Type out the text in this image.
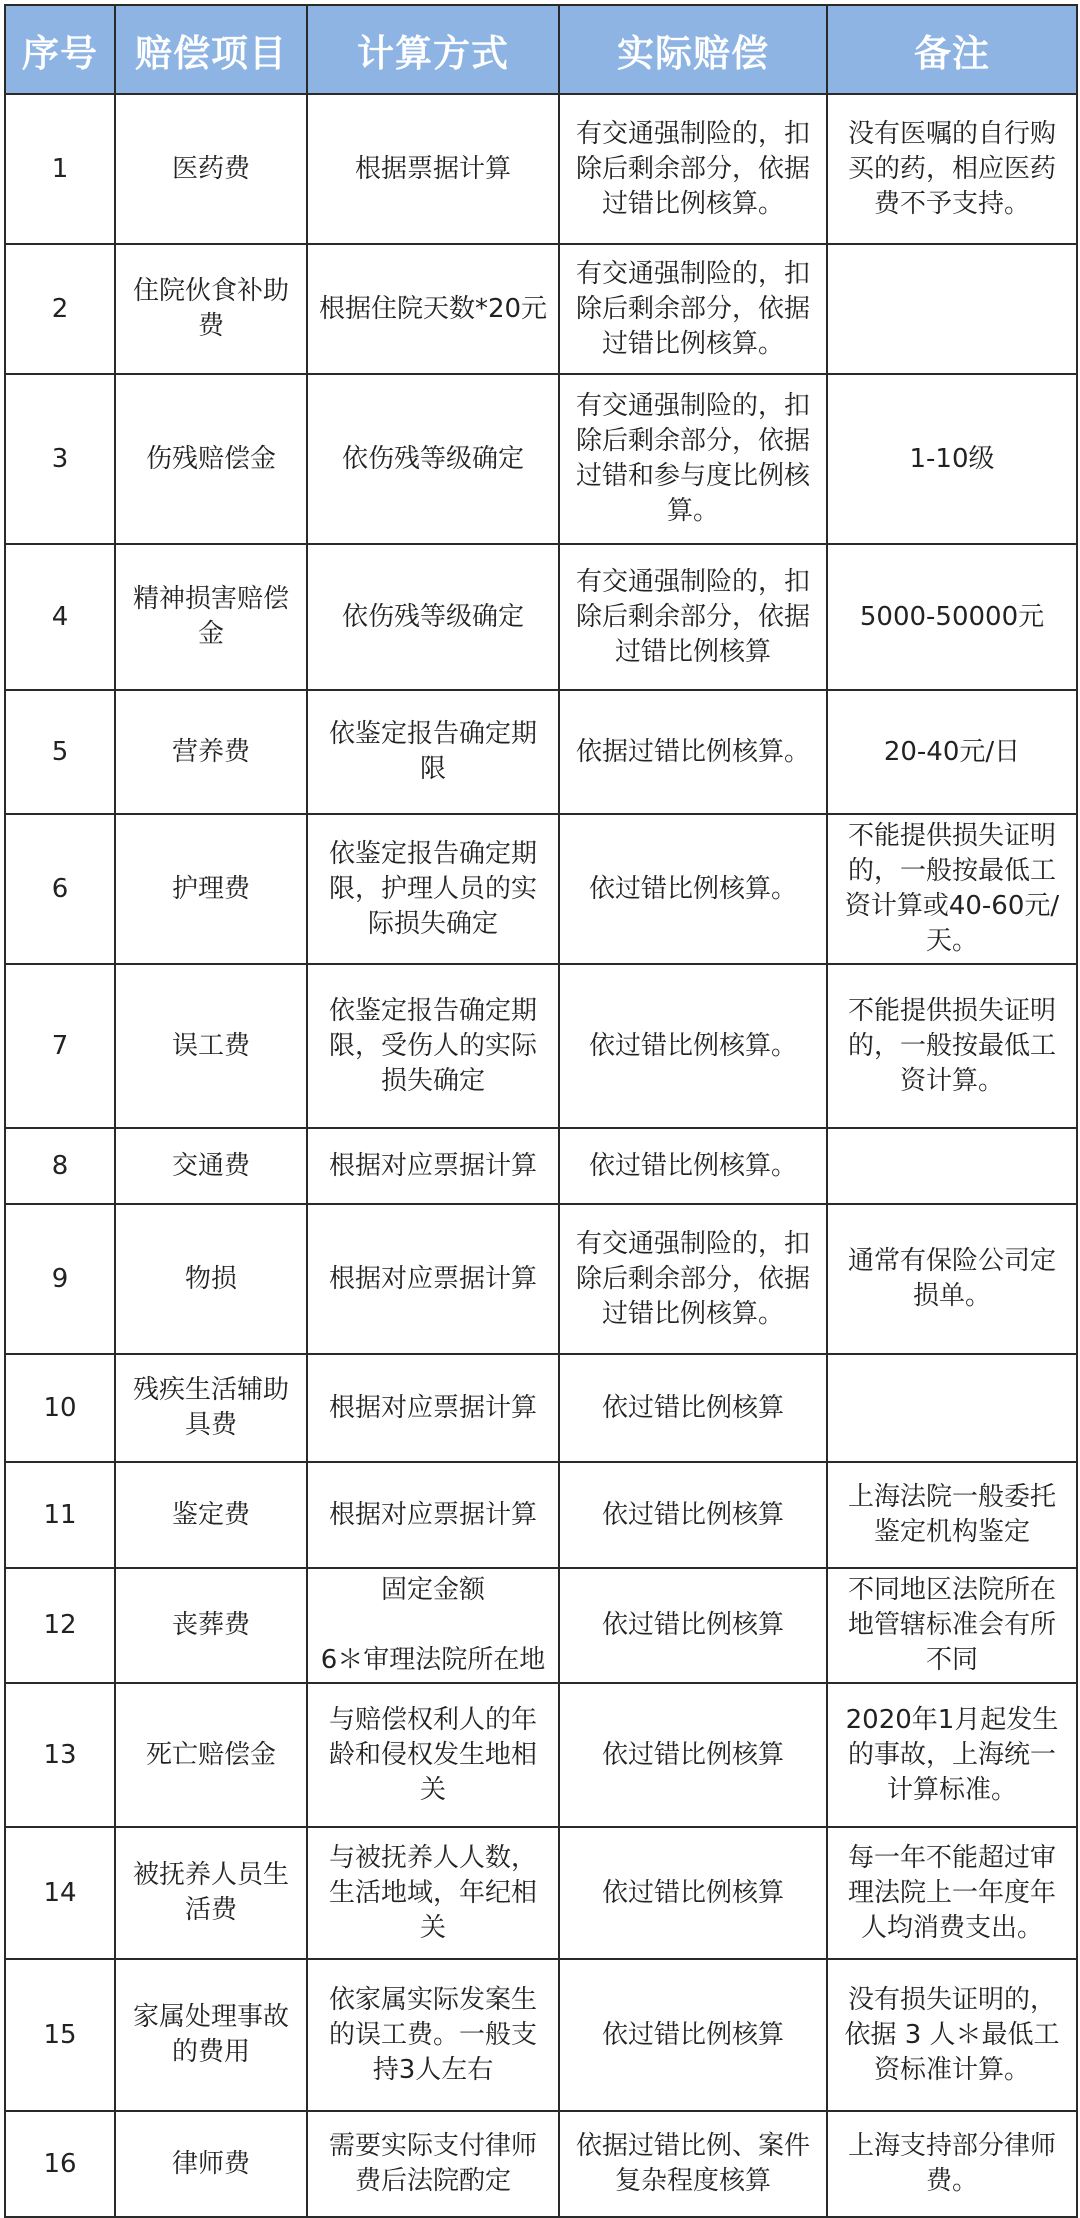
序号	赔偿项目	计算方式	实际赔偿	备注

1	医药费	根据票据计算	有交通强制险的，扣
除后剩余部分，依据
过错比例核算。	没有医嘱的自行购
买的药，相应医药
费不予支持。

2	住院伙食补助
费	根据住院天数*20元	有交通强制险的，扣
除后剩余部分，依据
过错比例核算。	

3	伤残赔偿金	依伤残等级确定	有交通强制险的，扣
除后剩余部分，依据
过错和参与度比例核
算。	1-10级

4	精神损害赔偿
金	依伤残等级确定	有交通强制险的，扣
除后剩余部分，依据
过错比例核算	5000-50000元

5	营养费	依鉴定报告确定期
限	依据过错比例核算。	20-40元/日

6	护理费	依鉴定报告确定期
限，护理人员的实
际损失确定	依过错比例核算。	不能提供损失证明
的，一般按最低工
资计算或40-60元/
天。

7	误工费	依鉴定报告确定期
限，受伤人的实际
损失确定	依过错比例核算。	不能提供损失证明
的，一般按最低工
资计算。

8	交通费	根据对应票据计算	依过错比例核算。	

9	物损	根据对应票据计算	有交通强制险的，扣
除后剩余部分，依据
过错比例核算。	通常有保险公司定
损单。

10	残疾生活辅助
具费	根据对应票据计算	依过错比例核算	

11	鉴定费	根据对应票据计算	依过错比例核算	上海法院一般委托
鉴定机构鉴定

12	丧葬费	固定金额

6＊审理法院所在地	依过错比例核算	不同地区法院所在
地管辖标准会有所
不同

13	死亡赔偿金	与赔偿权利人的年
龄和侵权发生地相
关	依过错比例核算	2020年1月起发生
的事故，上海统一
计算标准。

14	被抚养人员生
活费	与被抚养人人数，
生活地域，年纪相
关	依过错比例核算	每一年不能超过审
理法院上一年度年
人均消费支出。

15	家属处理事故
的费用	依家属实际发案生
的误工费。一般支
持3人左右	依过错比例核算	没有损失证明的，
依据 3 人＊最低工
资标准计算。

16	律师费	需要实际支付律师
费后法院酌定	依据过错比例、案件
复杂程度核算	上海支持部分律师
费。
